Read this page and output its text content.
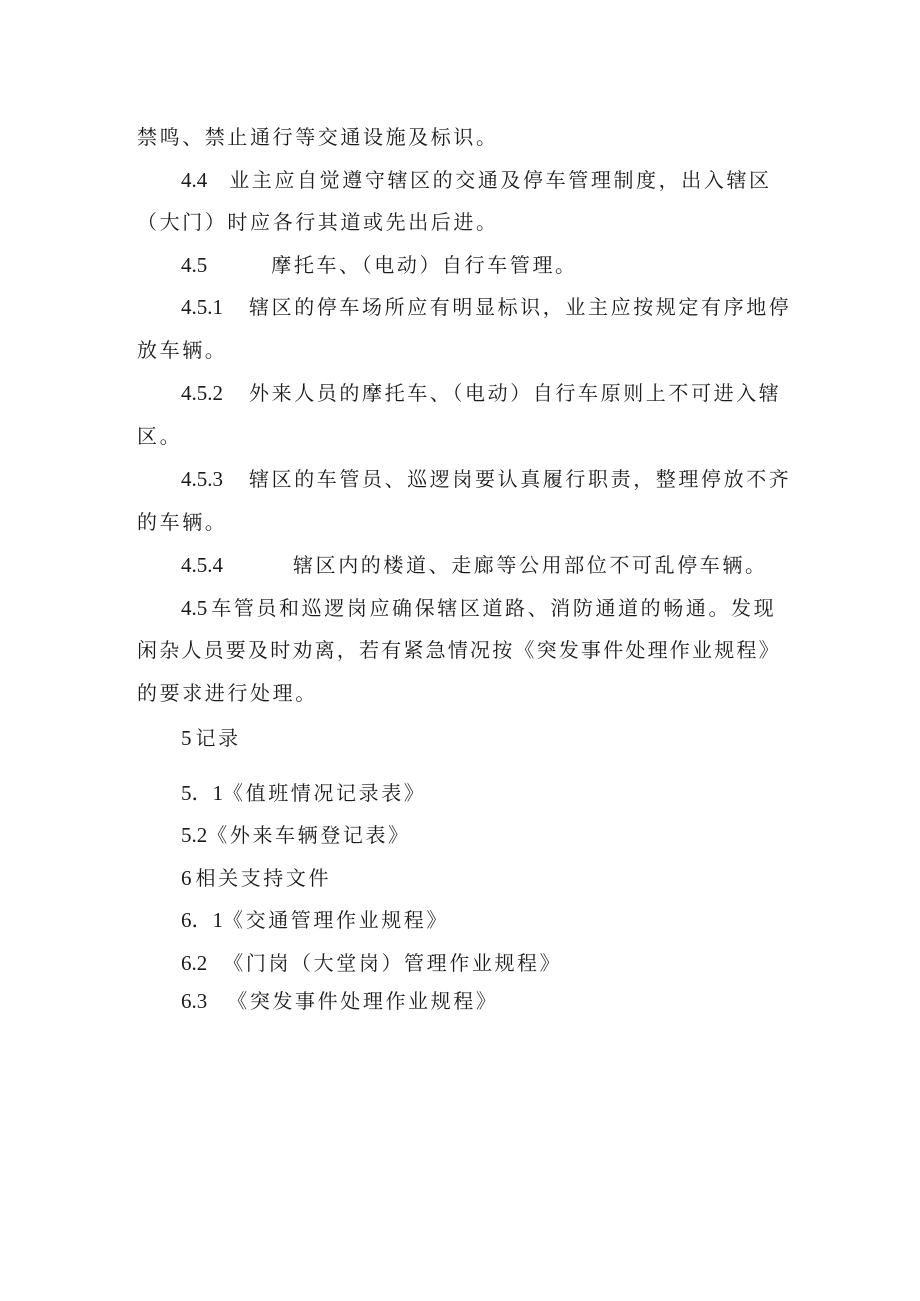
禁鸣、禁止通行等交通设施及标识。
4.4 业主应自觉遵守辖区的交通及停车管理制度，出入辖区
（大门）时应各行其道或先出后进。
4.5	摩托车、（电动）自行车管理。
4.5.1 辖区的停车场所应有明显标识，业主应按规定有序地停
放车辆。
4.5.2 外来人员的摩托车、（电动）自行车原则上不可进入辖
区。
4.5.3 辖区的车管员、巡逻岗要认真履行职责，整理停放不齐
的车辆。
4.5.4	辖区内的楼道、走廊等公用部位不可乱停车辆。
4.5 车管员和巡逻岗应确保辖区道路、消防通道的畅通。发现
闲杂人员要及时劝离，若有紧急情况按《突发事件处理作业规程》
的要求进行处理。
5 记录
5．1《值班情况记录表》
5.2《外来车辆登记表》
6 相关支持文件
6．1《交通管理作业规程》
6.2 《门岗（大堂岗）管理作业规程》
6.3 《突发事件处理作业规程》
